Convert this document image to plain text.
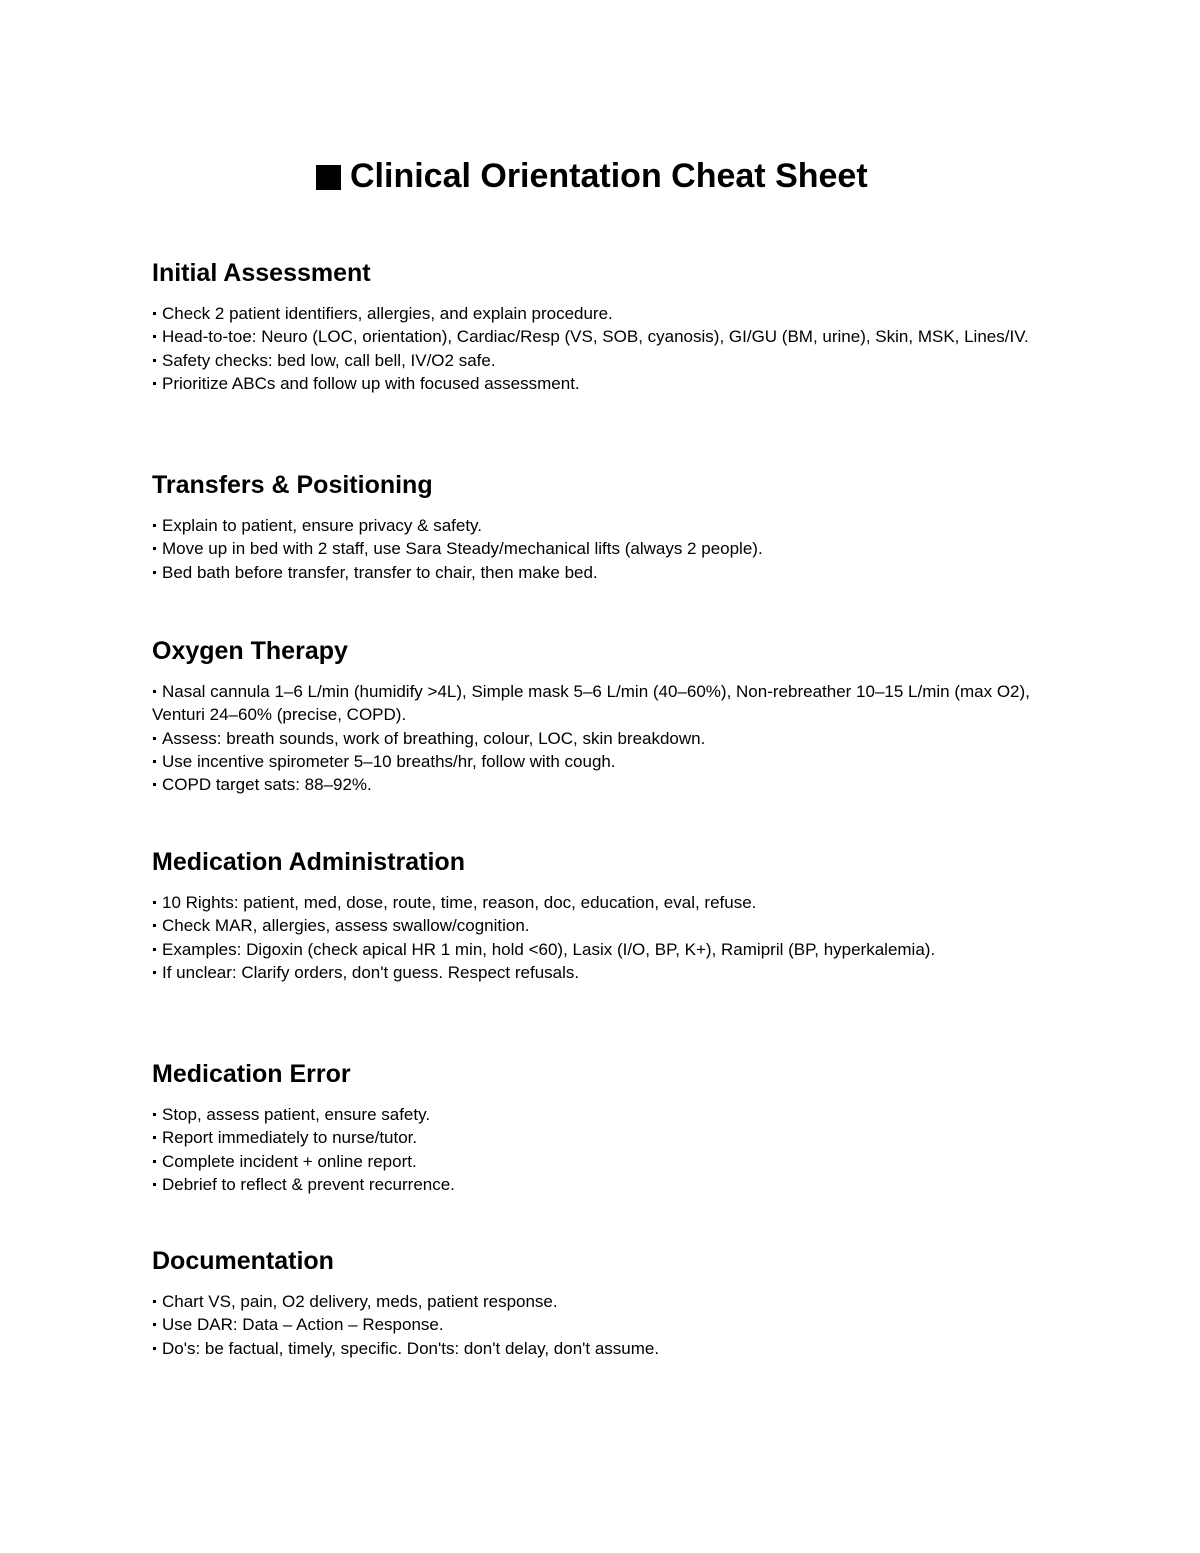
Clinical Orientation Cheat Sheet
Initial Assessment
Check 2 patient identifiers, allergies, and explain procedure.
Head-to-toe: Neuro (LOC, orientation), Cardiac/Resp (VS, SOB, cyanosis), GI/GU (BM, urine), Skin, MSK, Lines/IV.
Safety checks: bed low, call bell, IV/O2 safe.
Prioritize ABCs and follow up with focused assessment.
Transfers & Positioning
Explain to patient, ensure privacy & safety.
Move up in bed with 2 staff, use Sara Steady/mechanical lifts (always 2 people).
Bed bath before transfer, transfer to chair, then make bed.
Oxygen Therapy
Nasal cannula 1–6 L/min (humidify >4L), Simple mask 5–6 L/min (40–60%), Non-rebreather 10–15 L/min (max O2), Venturi 24–60% (precise, COPD).
Assess: breath sounds, work of breathing, colour, LOC, skin breakdown.
Use incentive spirometer 5–10 breaths/hr, follow with cough.
COPD target sats: 88–92%.
Medication Administration
10 Rights: patient, med, dose, route, time, reason, doc, education, eval, refuse.
Check MAR, allergies, assess swallow/cognition.
Examples: Digoxin (check apical HR 1 min, hold <60), Lasix (I/O, BP, K+), Ramipril (BP, hyperkalemia).
If unclear: Clarify orders, don't guess. Respect refusals.
Medication Error
Stop, assess patient, ensure safety.
Report immediately to nurse/tutor.
Complete incident + online report.
Debrief to reflect & prevent recurrence.
Documentation
Chart VS, pain, O2 delivery, meds, patient response.
Use DAR: Data – Action – Response.
Do's: be factual, timely, specific. Don'ts: don't delay, don't assume.
